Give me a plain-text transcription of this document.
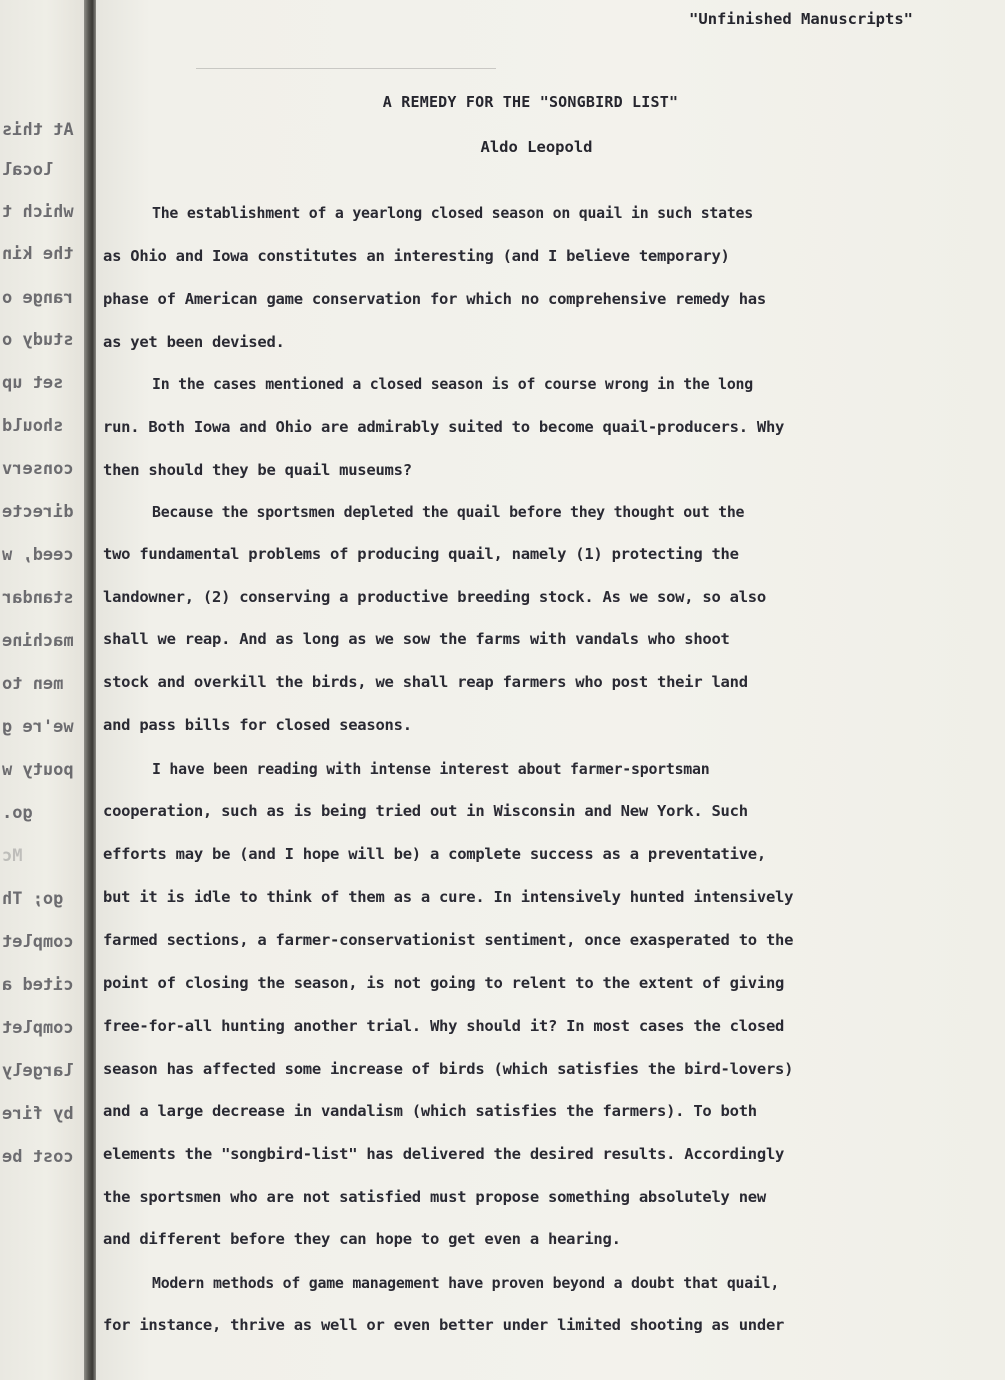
At this
local
which t
the kin
range o
study o
set up
should
conserv
directe
ceed, w
standar
machine
men to
we're g
pouty w
go.
Mc
go; Th
complet
cited a
complet
largely
by fire
cost be
"Unfinished Manuscripts"
A REMEDY FOR THE "SONGBIRD LIST"
Aldo Leopold
The establishment of a yearlong closed season on quail in such states
as Ohio and Iowa constitutes an interesting (and I believe temporary)
phase of American game conservation for which no comprehensive remedy has
as yet been devised.
In the cases mentioned a closed season is of course wrong in the long
run. Both Iowa and Ohio are admirably suited to become quail-producers. Why
then should they be quail museums?
Because the sportsmen depleted the quail before they thought out the
two fundamental problems of producing quail, namely (1) protecting the
landowner, (2) conserving a productive breeding stock. As we sow, so also
shall we reap. And as long as we sow the farms with vandals who shoot
stock and overkill the birds, we shall reap farmers who post their land
and pass bills for closed seasons.
I have been reading with intense interest about farmer-sportsman
cooperation, such as is being tried out in Wisconsin and New York. Such
efforts may be (and I hope will be) a complete success as a preventative,
but it is idle to think of them as a cure. In intensively hunted intensively
farmed sections, a farmer-conservationist sentiment, once exasperated to the
point of closing the season, is not going to relent to the extent of giving
free-for-all hunting another trial. Why should it? In most cases the closed
season has affected some increase of birds (which satisfies the bird-lovers)
and a large decrease in vandalism (which satisfies the farmers). To both
elements the "songbird-list" has delivered the desired results. Accordingly
the sportsmen who are not satisfied must propose something absolutely new
and different before they can hope to get even a hearing.
Modern methods of game management have proven beyond a doubt that quail,
for instance, thrive as well or even better under limited shooting as under
